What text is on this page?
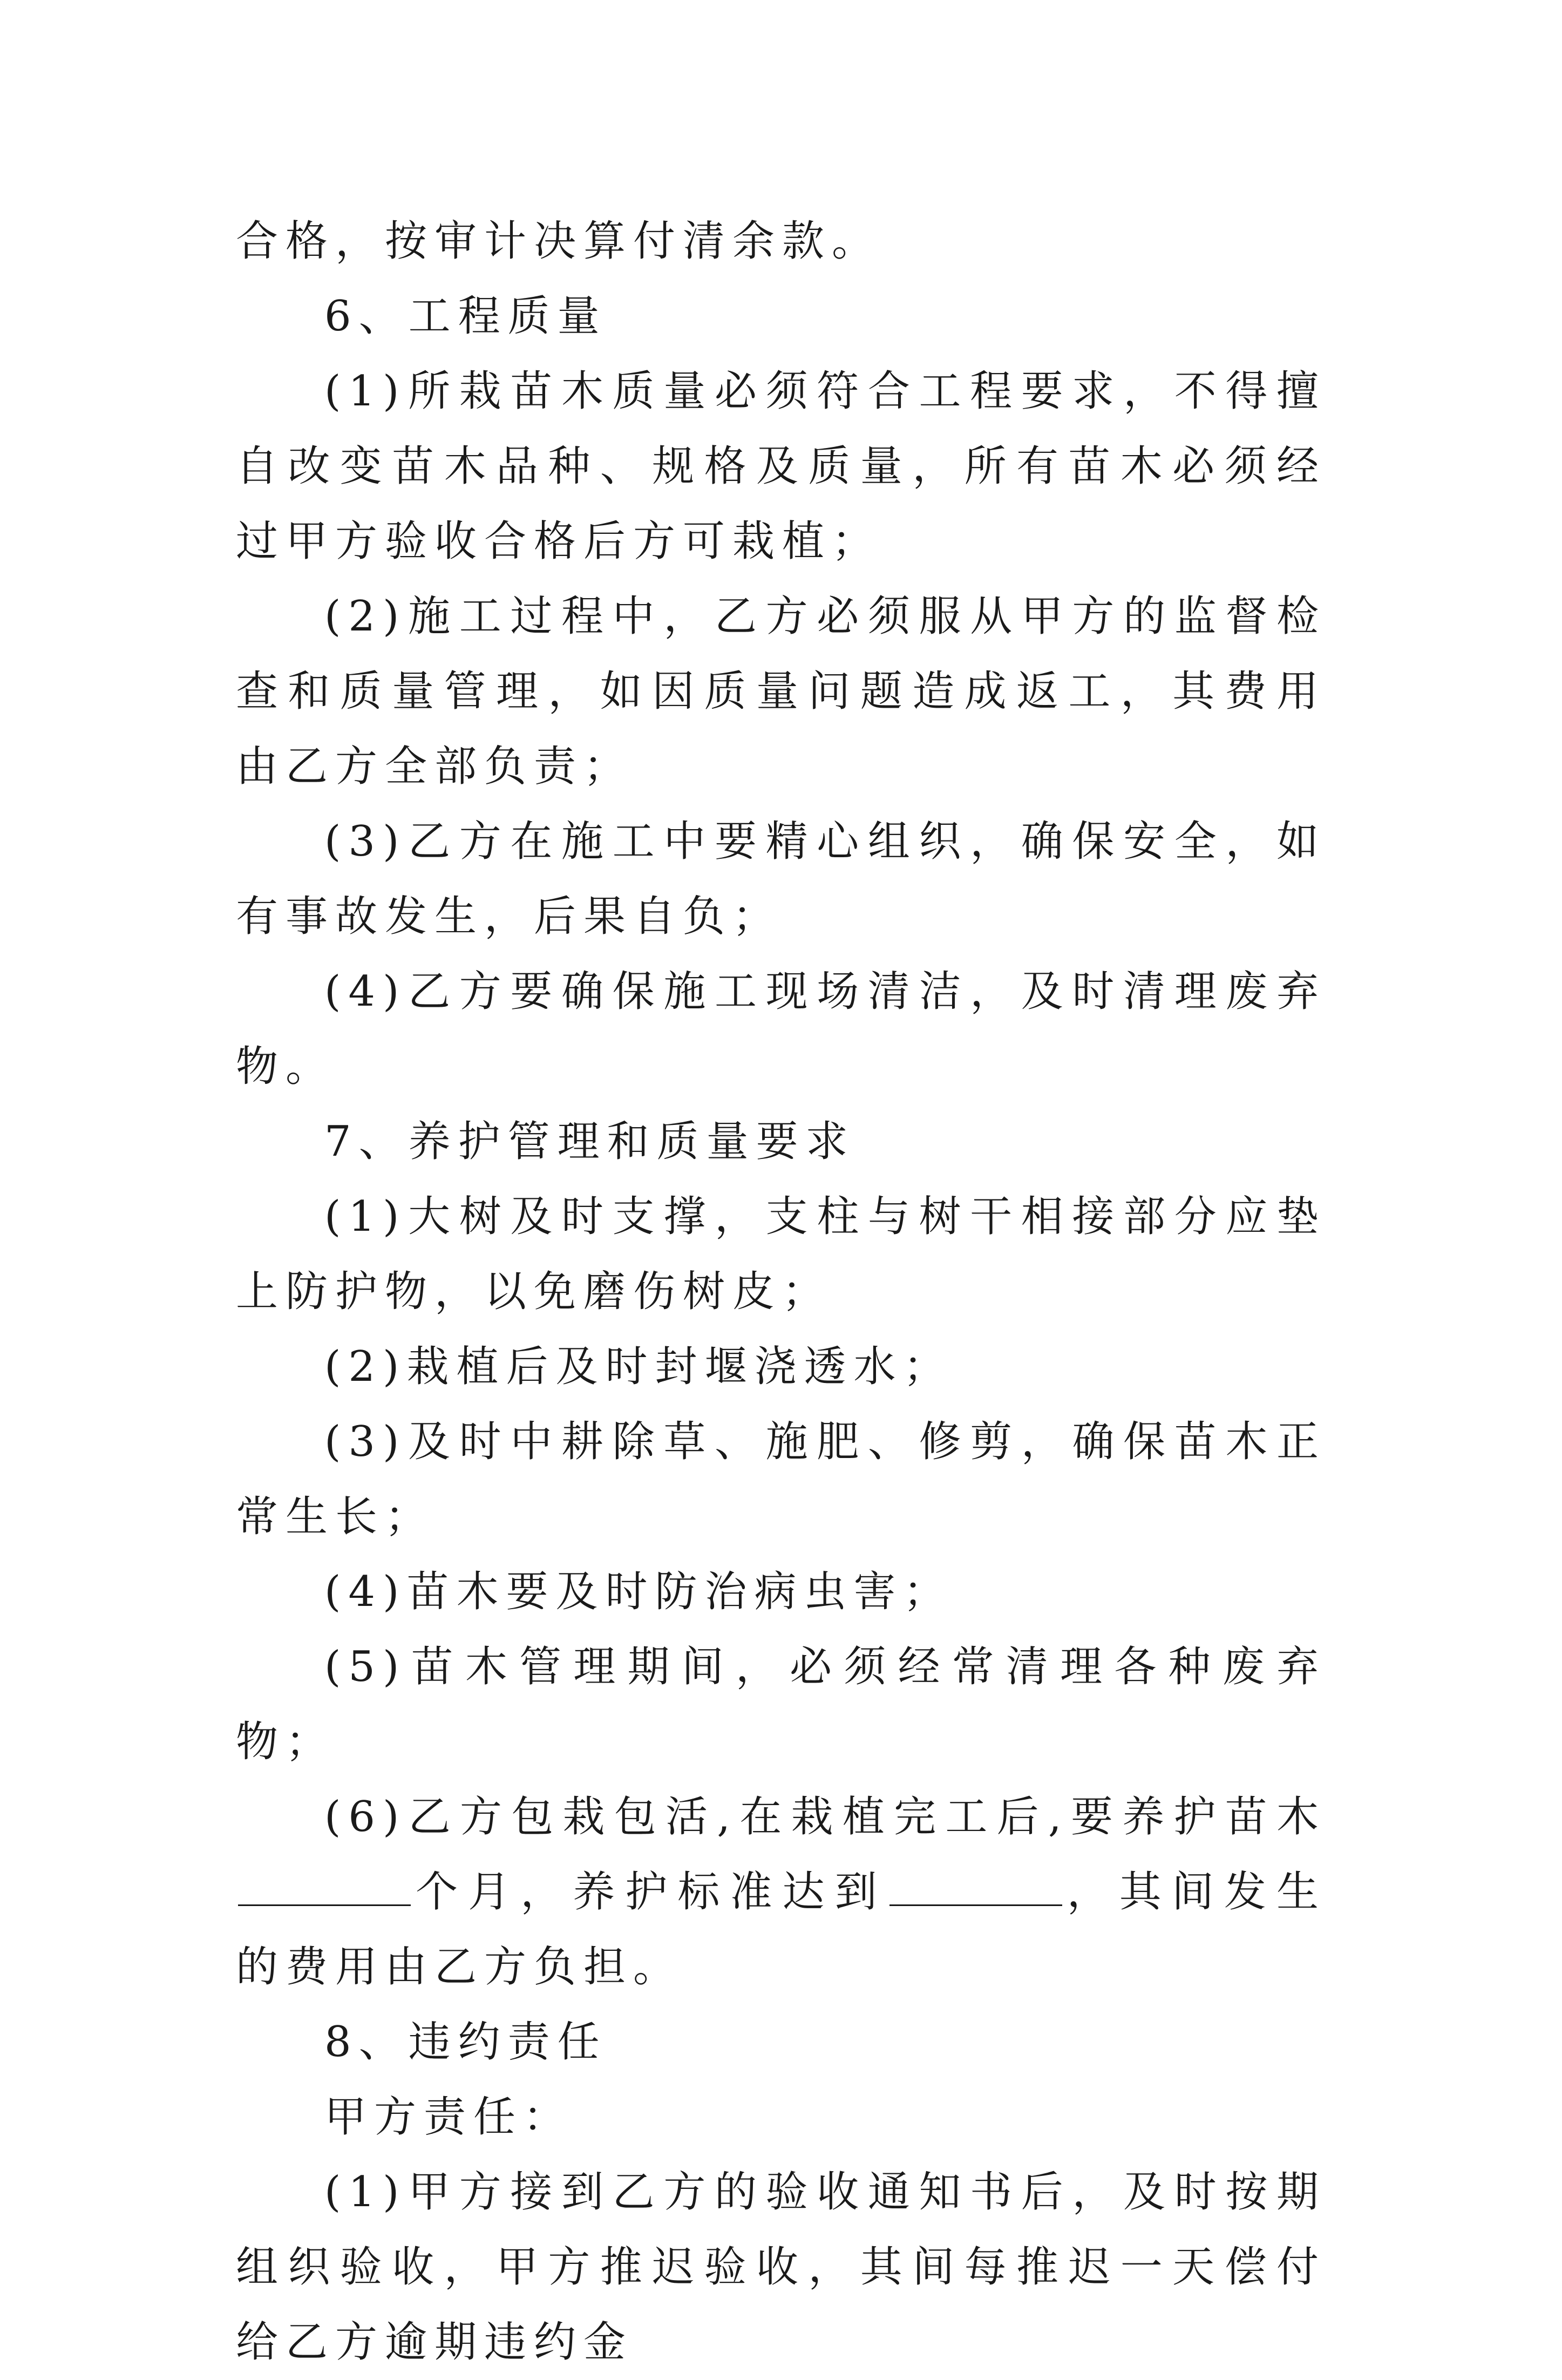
合格，按审计决算付清余款。

6、工程质量

(1)所栽苗木质量必须符合工程要求，不得擅自改变苗木品种、规格及质量，所有苗木必须经过甲方验收合格后方可栽植；

(2)施工过程中，乙方必须服从甲方的监督检查和质量管理，如因质量问题造成返工，其费用由乙方全部负责；

(3)乙方在施工中要精心组织，确保安全，如有事故发生，后果自负；

(4)乙方要确保施工现场清洁，及时清理废弃物。

7、养护管理和质量要求

(1)大树及时支撑，支柱与树干相接部分应垫上防护物，以免磨伤树皮；

(2)栽植后及时封堰浇透水；

(3)及时中耕除草、施肥、修剪，确保苗木正常生长；

(4)苗木要及时防治病虫害；

(5)苗木管理期间，必须经常清理各种废弃物；

(6)乙方包栽包活,在栽植完工后,要养护苗木个月，养护标准达到	，其间发生的费用由乙方负担。

8、违约责任

甲方责任：

(1)甲方接到乙方的验收通知书后，及时按期组织验收，甲方推迟验收，其间每推迟一天偿付给乙方逾期违约金
